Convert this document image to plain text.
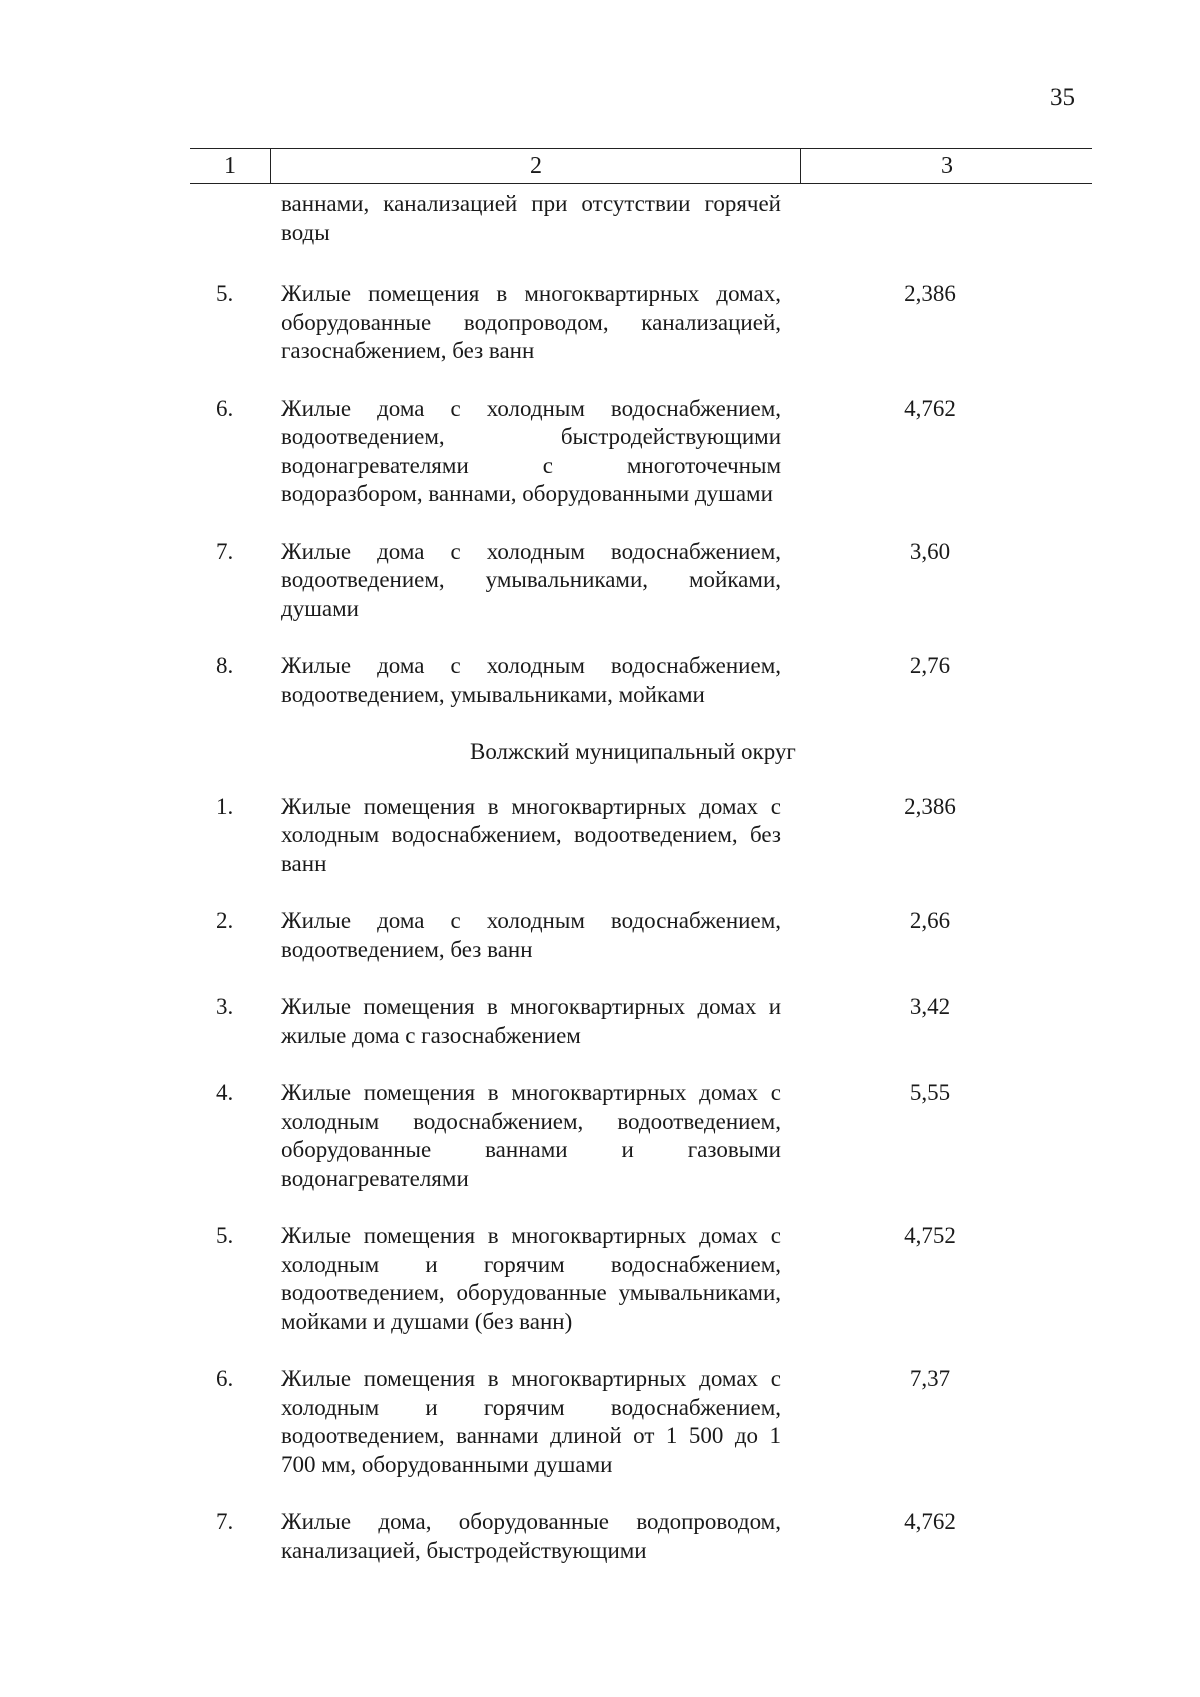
35
1	2	3
ваннами, канализацией при отсутствии горячей воды
5. Жилые помещения в многоквартирных домах, оборудованные водопроводом, канализацией, газоснабжением, без ванн
2,386
6. Жилые дома с холодным водоснабжением, водоотведением, быстродействующими водонагревателями с многоточечным водоразбором, ваннами, оборудованными душами
4,762
7. Жилые дома с холодным водоснабжением, водоотведением, умывальниками, мойками, душами
3,60
8. Жилые дома с холодным водоснабжением, водоотведением, умывальниками, мойками
2,76
Волжский муниципальный округ
1. Жилые помещения в многоквартирных домах с холодным водоснабжением, водоотведением, без ванн
2,386
2. Жилые дома с холодным водоснабжением, водоотведением, без ванн
2,66
3. Жилые помещения в многоквартирных домах и жилые дома с газоснабжением
3,42
4. Жилые помещения в многоквартирных домах с холодным водоснабжением, водоотведением, оборудованные ваннами и газовыми водонагревателями
5,55
5. Жилые помещения в многоквартирных домах с холодным и горячим водоснабжением, водоотведением, оборудованные умывальниками, мойками и душами (без ванн)
4,752
6. Жилые помещения в многоквартирных домах с холодным и горячим водоснабжением, водоотведением, ваннами длиной от 1 500 до 1 700 мм, оборудованными душами
7,37
7. Жилые дома, оборудованные водопроводом, канализацией, быстродействующими
4,762
